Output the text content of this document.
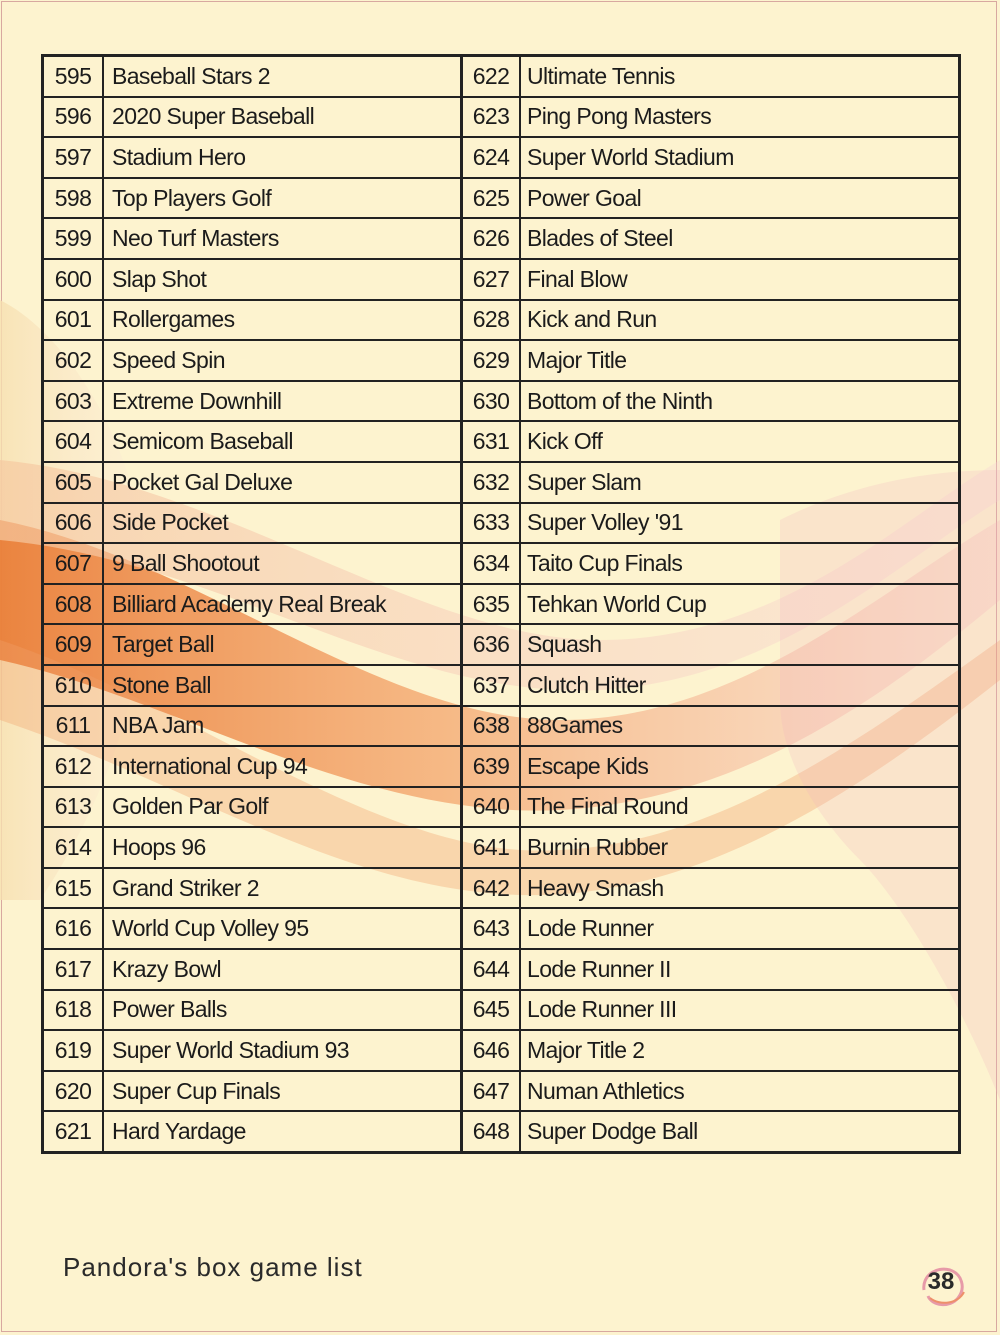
595	Baseball Stars 2	622	Ultimate Tennis
596	2020 Super Baseball	623	Ping Pong Masters
597	Stadium Hero	624	Super World Stadium
598	Top Players Golf	625	Power Goal
599	Neo Turf Masters	626	Blades of Steel
600	Slap Shot	627	Final Blow
601	Rollergames	628	Kick and Run
602	Speed Spin	629	Major Title
603	Extreme Downhill	630	Bottom of the Ninth
604	Semicom Baseball	631	Kick Off
605	Pocket Gal Deluxe	632	Super Slam
606	Side Pocket	633	Super Volley '91
607	9 Ball Shootout	634	Taito Cup Finals
608	Billiard Academy Real Break	635	Tehkan World Cup
609	Target Ball	636	Squash
610	Stone Ball	637	Clutch Hitter
611	NBA Jam	638	88Games
612	International Cup 94	639	Escape Kids
613	Golden Par Golf	640	The Final Round
614	Hoops 96	641	Burnin Rubber
615	Grand Striker 2	642	Heavy Smash
616	World Cup Volley 95	643	Lode Runner
617	Krazy Bowl	644	Lode Runner II
618	Power Balls	645	Lode Runner III
619	Super World Stadium 93	646	Major Title 2
620	Super Cup Finals	647	Numan Athletics
621	Hard Yardage	648	Super Dodge Ball
Pandora's box game list	38
